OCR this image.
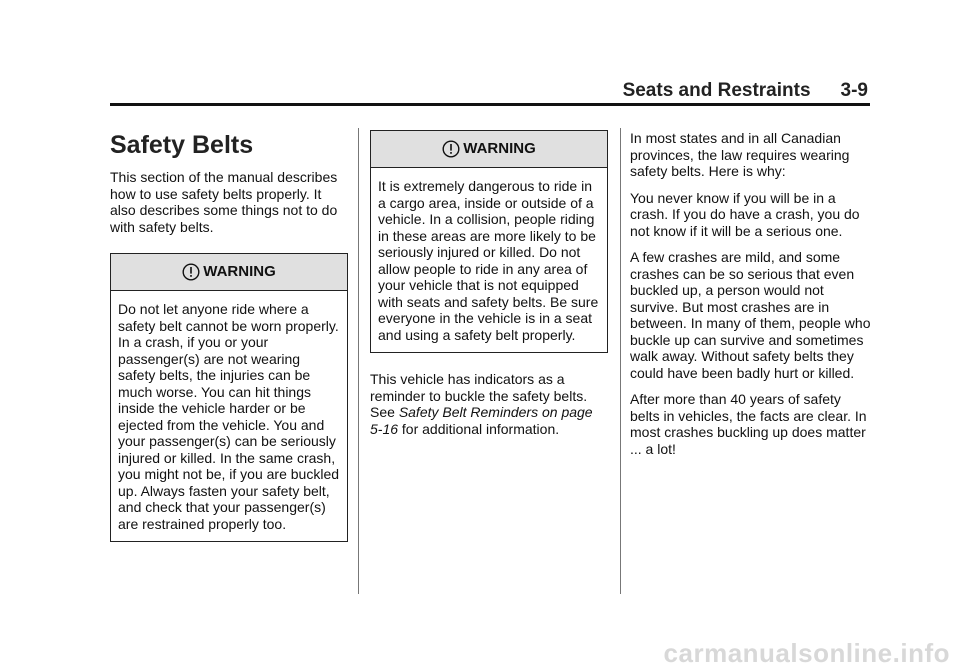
Seats and Restraints 3-9
Safety Belts

This section of the manual describes how to use safety belts properly. It also describes some things not to do with safety belts.

WARNING

Do not let anyone ride where a safety belt cannot be worn properly. In a crash, if you or your passenger(s) are not wearing safety belts, the injuries can be much worse. You can hit things inside the vehicle harder or be ejected from the vehicle. You and your passenger(s) can be seriously injured or killed. In the same crash, you might not be, if you are buckled up. Always fasten your safety belt, and check that your passenger(s) are restrained properly too.

WARNING

It is extremely dangerous to ride in a cargo area, inside or outside of a vehicle. In a collision, people riding in these areas are more likely to be seriously injured or killed. Do not allow people to ride in any area of your vehicle that is not equipped with seats and safety belts. Be sure everyone in the vehicle is in a seat and using a safety belt properly.

This vehicle has indicators as a reminder to buckle the safety belts. See Safety Belt Reminders on page 5-16 for additional information.

In most states and in all Canadian provinces, the law requires wearing safety belts. Here is why:

You never know if you will be in a crash. If you do have a crash, you do not know if it will be a serious one.

A few crashes are mild, and some crashes can be so serious that even buckled up, a person would not survive. But most crashes are in between. In many of them, people who buckle up can survive and sometimes walk away. Without safety belts they could have been badly hurt or killed.

After more than 40 years of safety belts in vehicles, the facts are clear. In most crashes buckling up does matter ... a lot!

carmanualsonline.info
